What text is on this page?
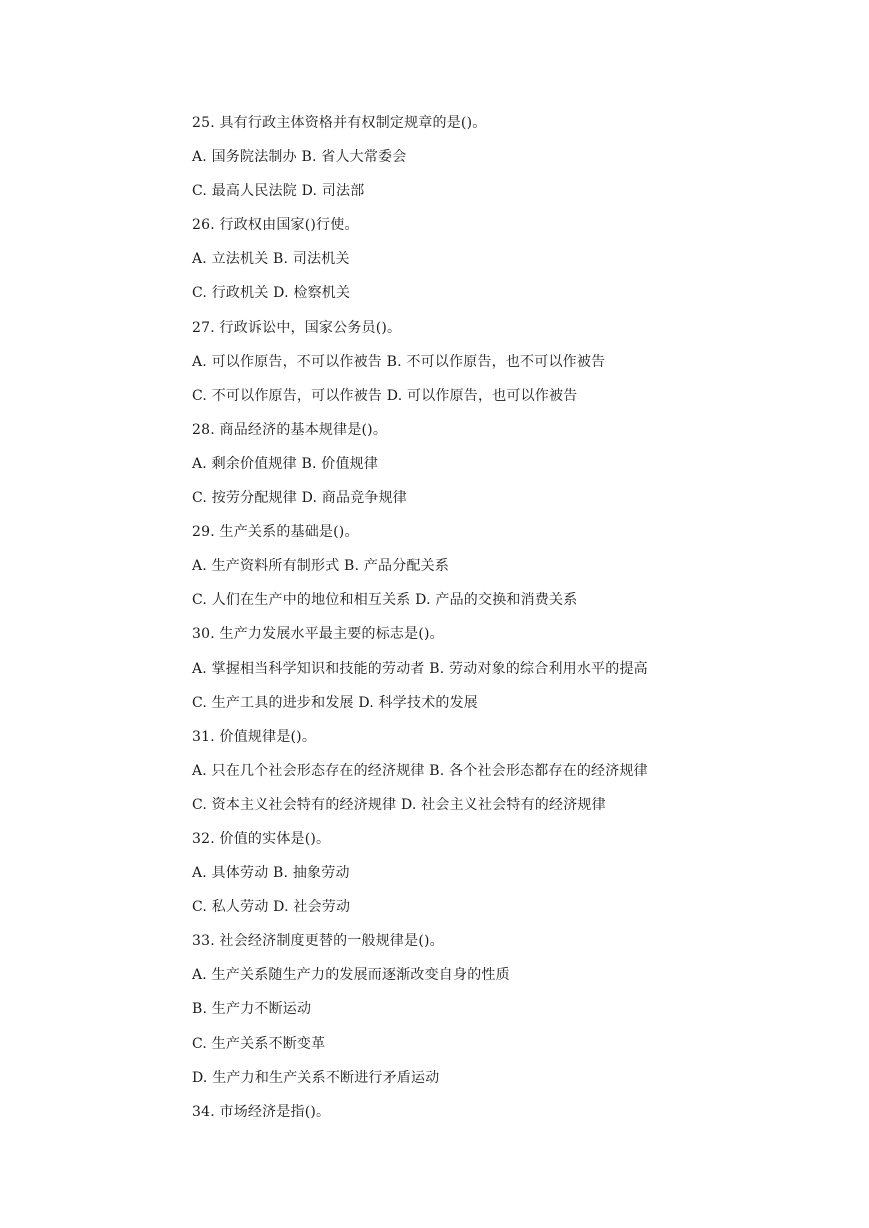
25. 具有行政主体资格并有权制定规章的是()。
A. 国务院法制办 B. 省人大常委会
C. 最高人民法院 D. 司法部
26. 行政权由国家()行使。
A. 立法机关 B. 司法机关
C. 行政机关 D. 检察机关
27. 行政诉讼中，国家公务员()。
A. 可以作原告，不可以作被告 B. 不可以作原告，也不可以作被告
C. 不可以作原告，可以作被告 D. 可以作原告，也可以作被告
28. 商品经济的基本规律是()。
A. 剩余价值规律 B. 价值规律
C. 按劳分配规律 D. 商品竞争规律
29. 生产关系的基础是()。
A. 生产资料所有制形式 B. 产品分配关系
C. 人们在生产中的地位和相互关系 D. 产品的交换和消费关系
30. 生产力发展水平最主要的标志是()。
A. 掌握相当科学知识和技能的劳动者 B. 劳动对象的综合利用水平的提高
C. 生产工具的进步和发展 D. 科学技术的发展
31. 价值规律是()。
A. 只在几个社会形态存在的经济规律 B. 各个社会形态都存在的经济规律
C. 资本主义社会特有的经济规律 D. 社会主义社会特有的经济规律
32. 价值的实体是()。
A. 具体劳动 B. 抽象劳动
C. 私人劳动 D. 社会劳动
33. 社会经济制度更替的一般规律是()。
A. 生产关系随生产力的发展而逐渐改变自身的性质
B. 生产力不断运动
C. 生产关系不断变革
D. 生产力和生产关系不断进行矛盾运动
34. 市场经济是指()。
